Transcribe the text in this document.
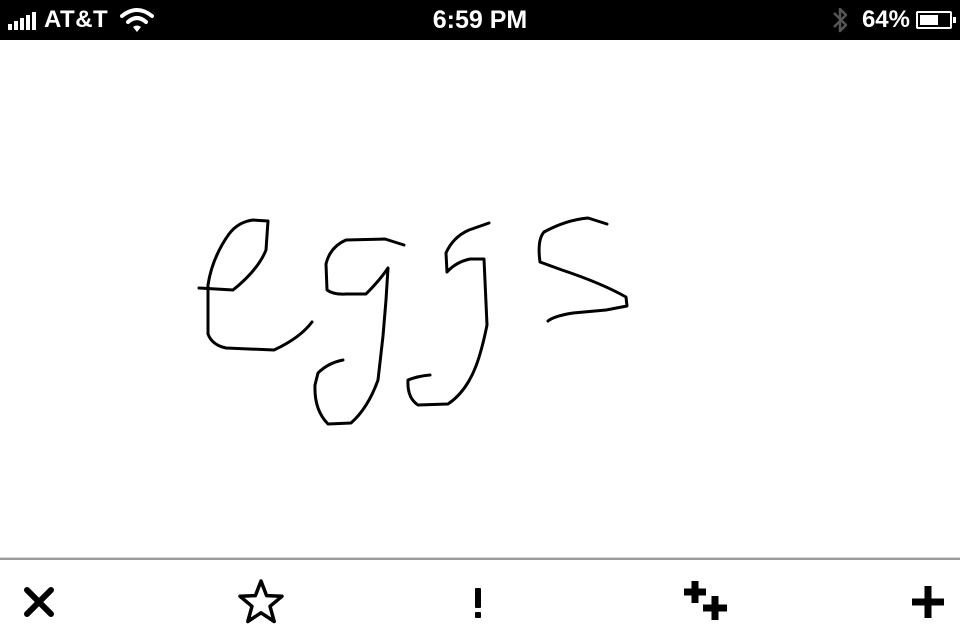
AT&T	6:59 PM	64%
